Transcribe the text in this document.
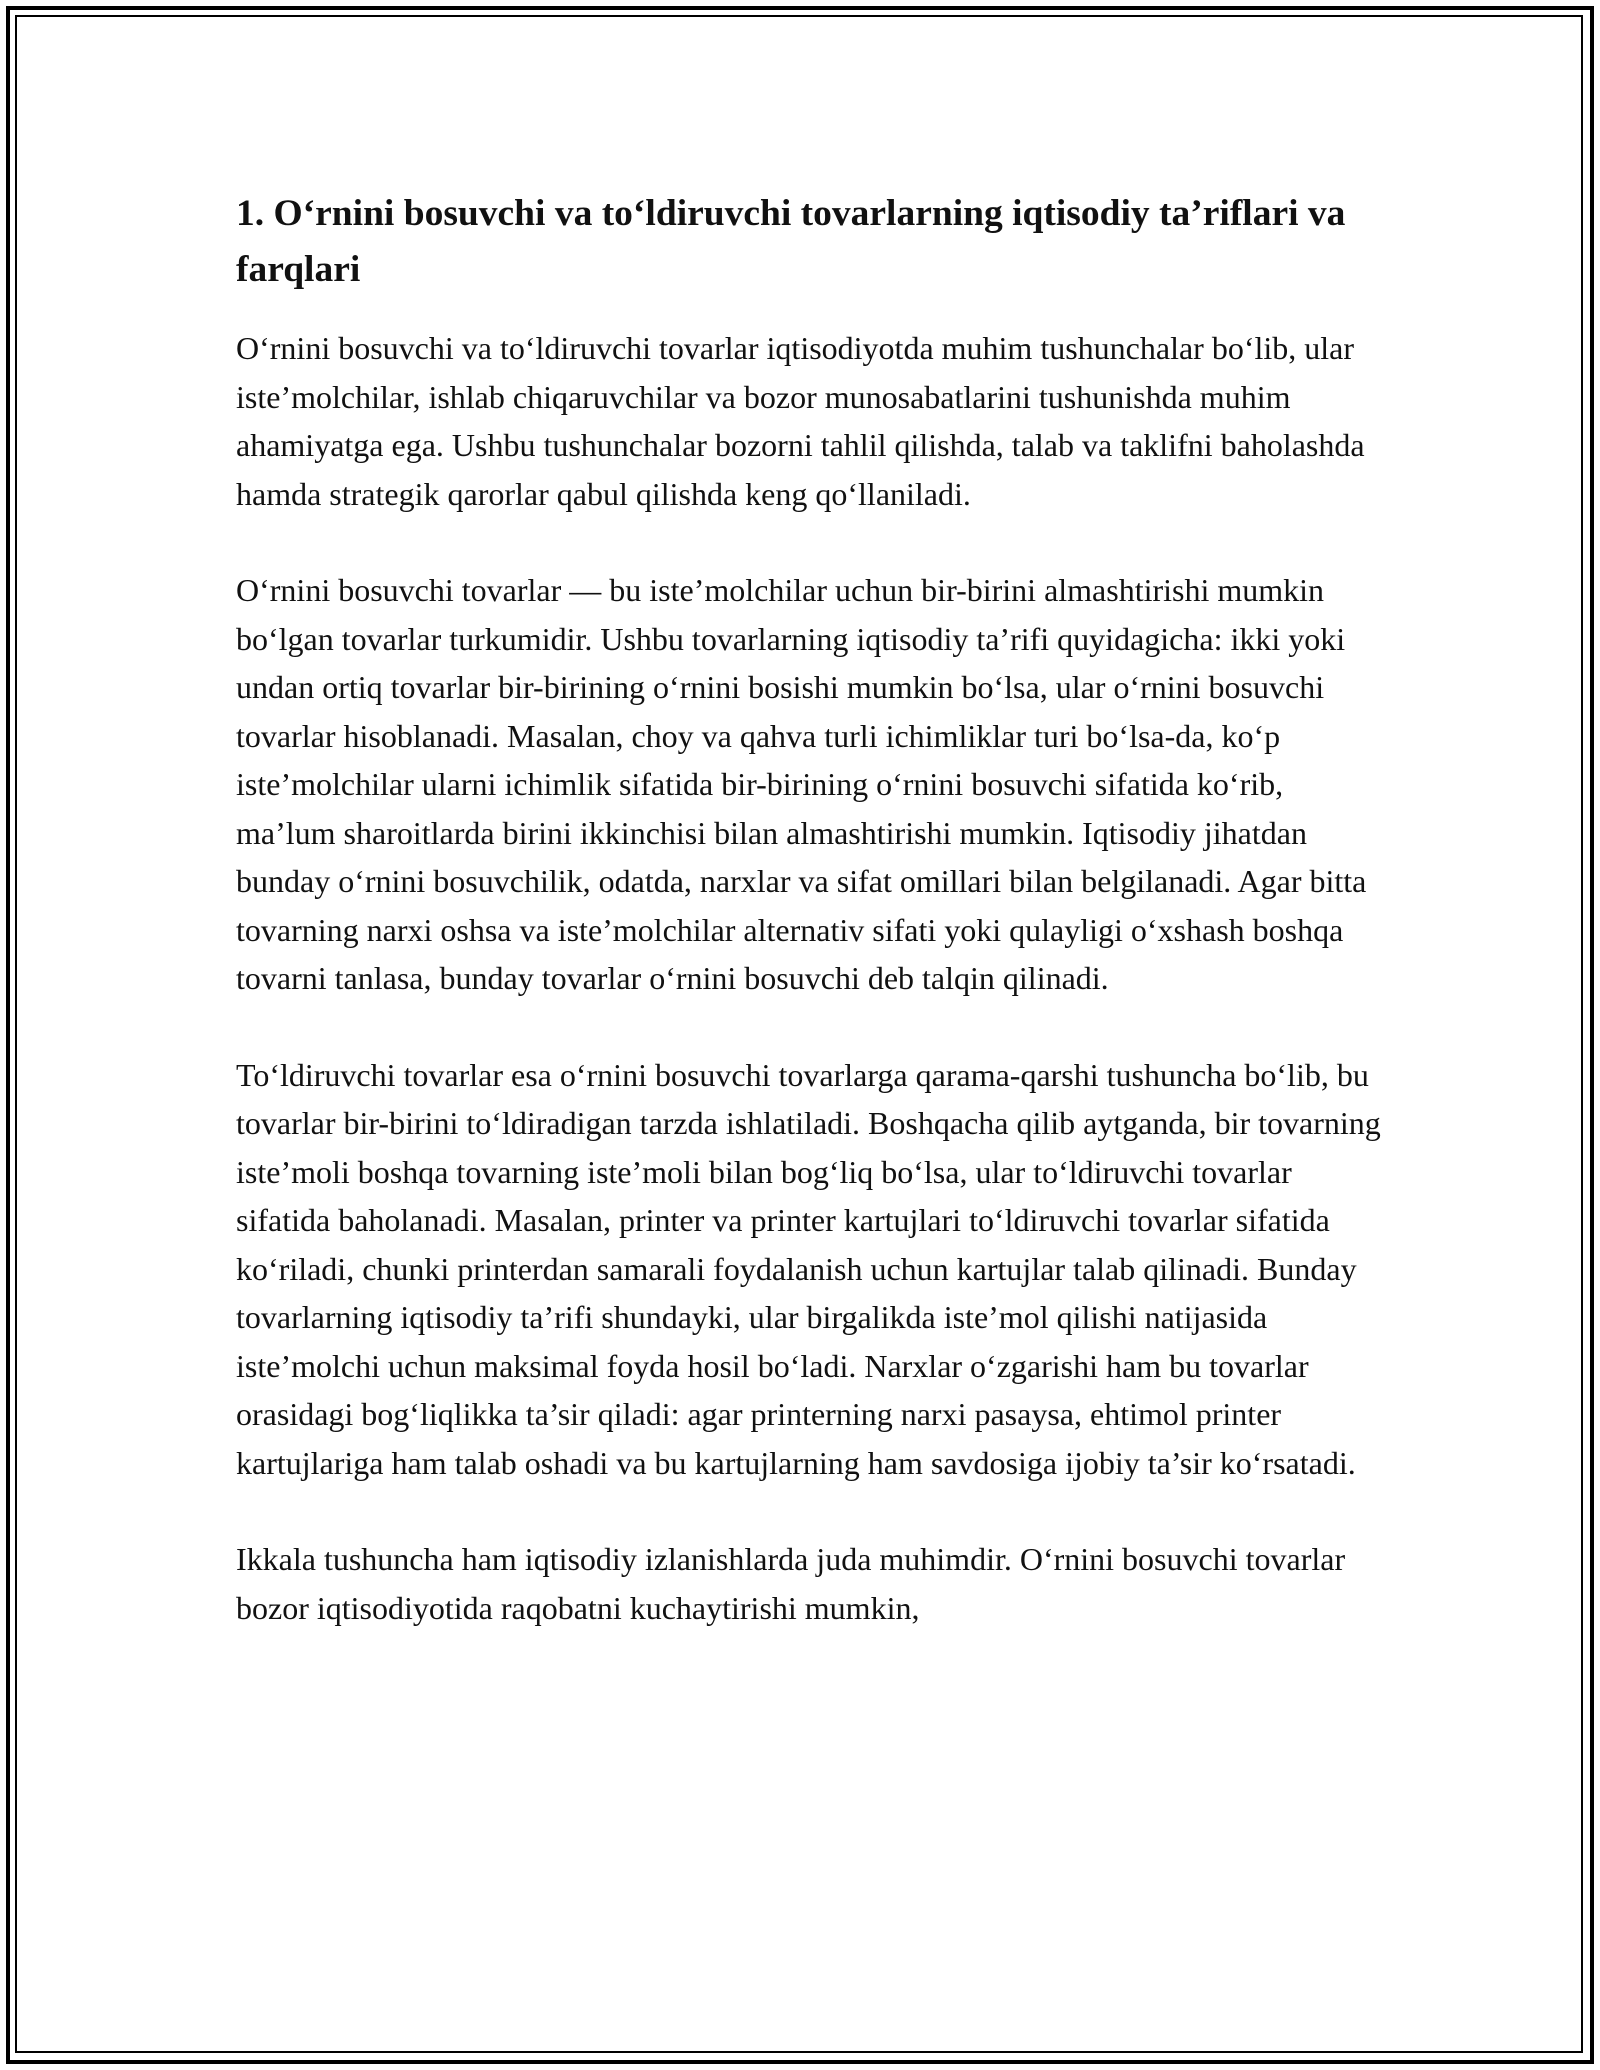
1. O‘rnini bosuvchi va to‘ldiruvchi tovarlarning iqtisodiy ta’riflari va farqlari

O‘rnini bosuvchi va to‘ldiruvchi tovarlar iqtisodiyotda muhim tushunchalar bo‘lib, ular iste’molchilar, ishlab chiqaruvchilar va bozor munosabatlarini tushunishda muhim ahamiyatga ega. Ushbu tushunchalar bozorni tahlil qilishda, talab va taklifni baholashda hamda strategik qarorlar qabul qilishda keng qo‘llaniladi.

O‘rnini bosuvchi tovarlar — bu iste’molchilar uchun bir-birini almashtirishi mumkin bo‘lgan tovarlar turkumidir. Ushbu tovarlarning iqtisodiy ta’rifi quyidagicha: ikki yoki undan ortiq tovarlar bir-birining o‘rnini bosishi mumkin bo‘lsa, ular o‘rnini bosuvchi tovarlar hisoblanadi. Masalan, choy va qahva turli ichimliklar turi bo‘lsa-da, ko‘p iste’molchilar ularni ichimlik sifatida bir-birining o‘rnini bosuvchi sifatida ko‘rib, ma’lum sharoitlarda birini ikkinchisi bilan almashtirishi mumkin. Iqtisodiy jihatdan bunday o‘rnini bosuvchilik, odatda, narxlar va sifat omillari bilan belgilanadi. Agar bitta tovarning narxi oshsa va iste’molchilar alternativ sifati yoki qulayligi o‘xshash boshqa tovarni tanlasa, bunday tovarlar o‘rnini bosuvchi deb talqin qilinadi.

To‘ldiruvchi tovarlar esa o‘rnini bosuvchi tovarlarga qarama-qarshi tushuncha bo‘lib, bu tovarlar bir-birini to‘ldiradigan tarzda ishlatiladi. Boshqacha qilib aytganda, bir tovarning iste’moli boshqa tovarning iste’moli bilan bog‘liq bo‘lsa, ular to‘ldiruvchi tovarlar sifatida baholanadi. Masalan, printer va printer kartujlari to‘ldiruvchi tovarlar sifatida ko‘riladi, chunki printerdan samarali foydalanish uchun kartujlar talab qilinadi. Bunday tovarlarning iqtisodiy ta’rifi shundayki, ular birgalikda iste’mol qilishi natijasida iste’molchi uchun maksimal foyda hosil bo‘ladi. Narxlar o‘zgarishi ham bu tovarlar orasidagi bog‘liqlikka ta’sir qiladi: agar printerning narxi pasaysa, ehtimol printer kartujlariga ham talab oshadi va bu kartujlarning ham savdosiga ijobiy ta’sir ko‘rsatadi.

Ikkala tushuncha ham iqtisodiy izlanishlarda juda muhimdir. O‘rnini bosuvchi tovarlar bozor iqtisodiyotida raqobatni kuchaytirishi mumkin,
